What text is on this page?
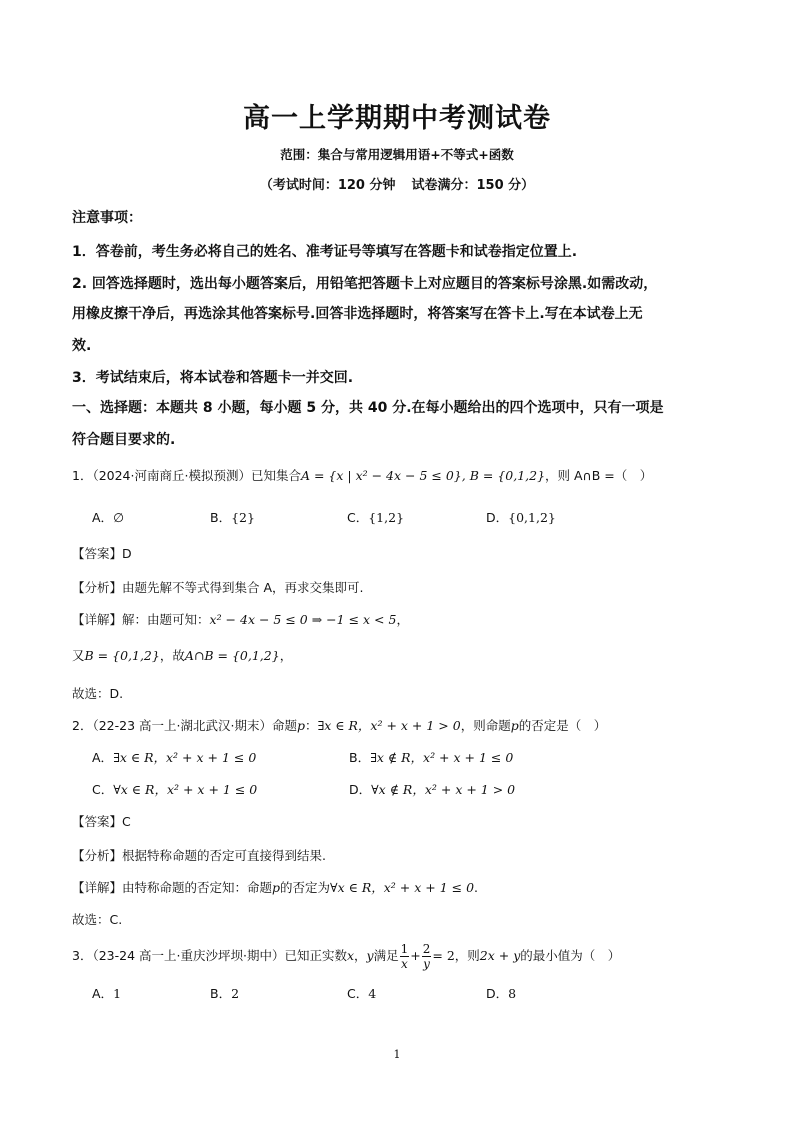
高一上学期期中考测试卷
范围：集合与常用逻辑用语+不等式+函数
（考试时间：120 分钟 试卷满分：150 分）
注意事项：
1．答卷前，考生务必将自己的姓名、准考证号等填写在答题卡和试卷指定位置上.
2. 回答选择题时，选出每小题答案后，用铅笔把答题卡上对应题目的答案标号涂黑.如需改动，
用橡皮擦干净后，再选涂其他答案标号.回答非选择题时，将答案写在答卡上.写在本试卷上无
效.
3．考试结束后，将本试卷和答题卡一并交回.
一、选择题：本题共 8 小题，每小题 5 分，共 40 分.在每小题给出的四个选项中，只有一项是
符合题目要求的.
1．（2024·河南商丘·模拟预测）已知集合A = {x | x² − 4x − 5 ≤ 0}, B = {0,1,2}，则 A∩B =（　）
A．∅	B．{2}	C．{1,2}	D．{0,1,2}
【答案】D
【分析】由题先解不等式得到集合 A，再求交集即可.
【详解】解：由题可知：x² − 4x − 5 ≤ 0 ⇒ −1 ≤ x < 5，
又B = {0,1,2}，故A∩B = {0,1,2}，
故选：D.
2．（22-23 高一上·湖北武汉·期末）命题p：∃x ∈ R，x² + x + 1 > 0，则命题p的否定是（　）
A．∃x ∈ R，x² + x + 1 ≤ 0	B．∃x ∉ R，x² + x + 1 ≤ 0
C．∀x ∈ R，x² + x + 1 ≤ 0	D．∀x ∉ R，x² + x + 1 > 0
【答案】C
【分析】根据特称命题的否定可直接得到结果.
【详解】由特称命题的否定知：命题p的否定为∀x ∈ R，x² + x + 1 ≤ 0.
故选：C.
3．（23-24 高一上·重庆沙坪坝·期中）已知正实数x，y满足 $\frac{1}{x} + \frac{2}{y} = 2$，则2x + y的最小值为（　）
A．1	B．2	C．4	D．8
1
